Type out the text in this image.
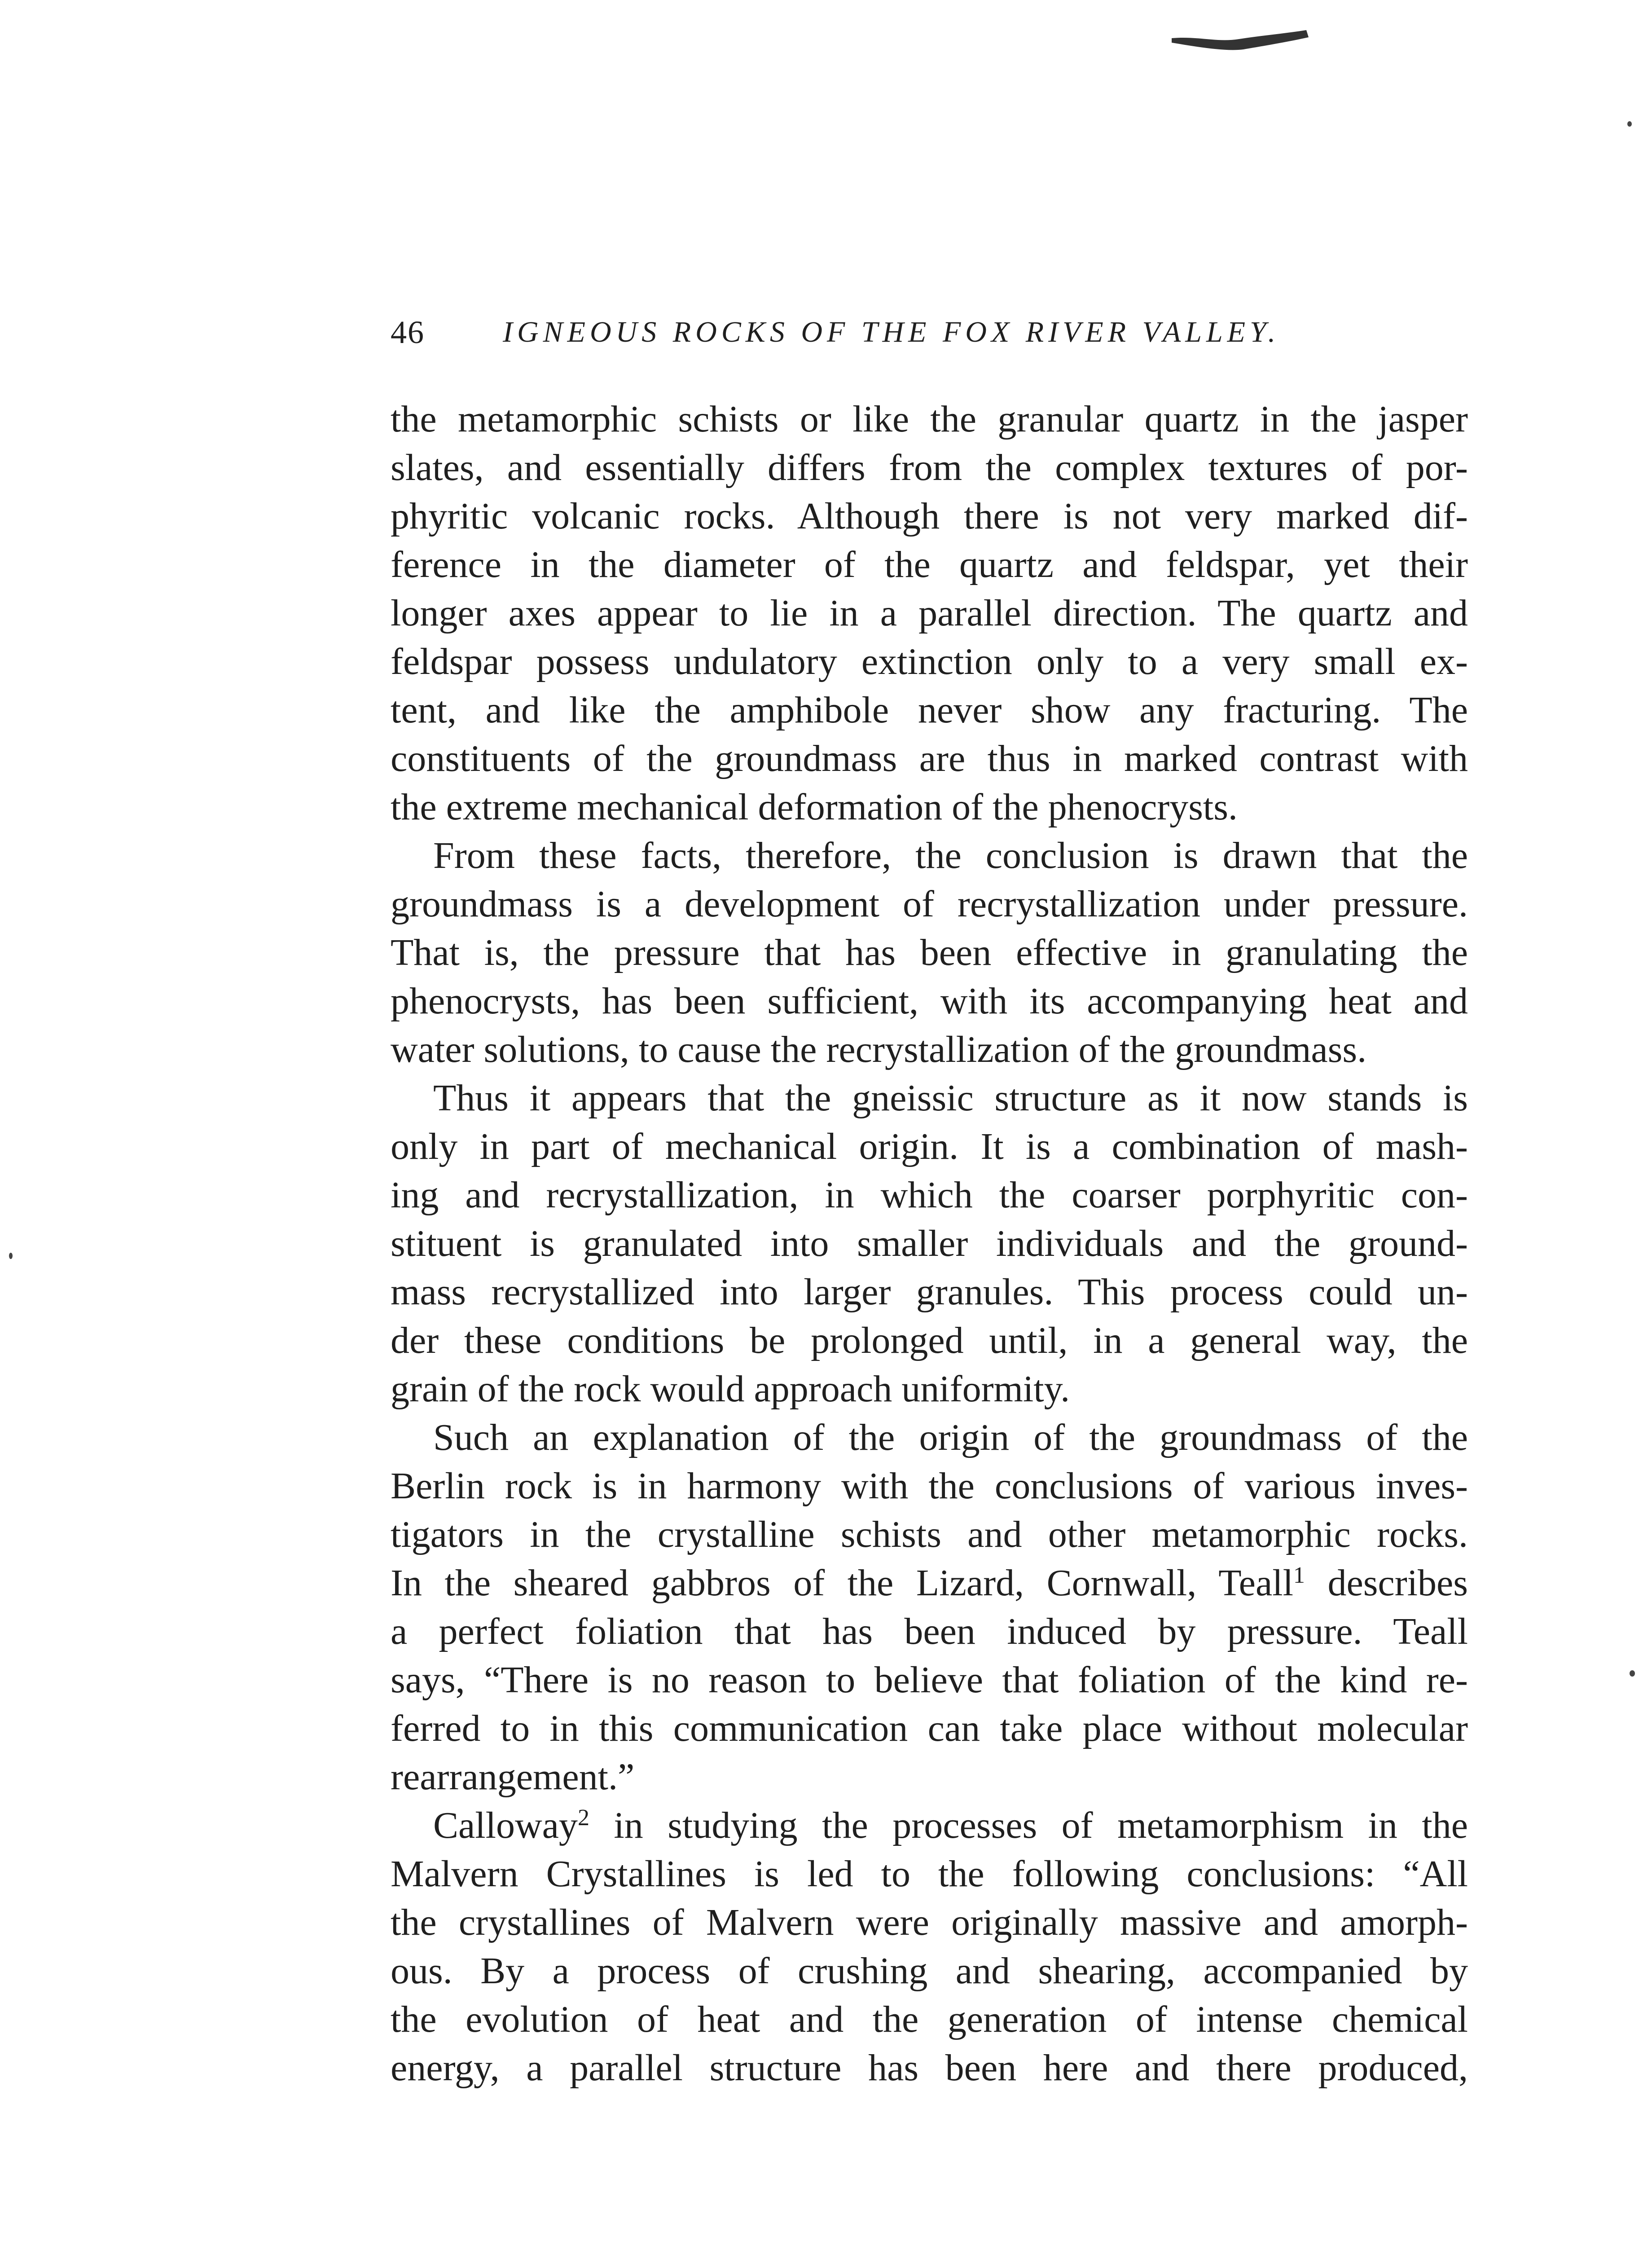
46	IGNEOUS ROCKS OF THE FOX RIVER VALLEY.
the metamorphic schists or like the granular quartz in the jasper
slates, and essentially differs from the complex textures of por-
phyritic volcanic rocks. Although there is not very marked dif-
ference in the diameter of the quartz and feldspar, yet their
longer axes appear to lie in a parallel direction. The quartz and
feldspar possess undulatory extinction only to a very small ex-
tent, and like the amphibole never show any fracturing. The
constituents of the groundmass are thus in marked contrast with
the extreme mechanical deformation of the phenocrysts.
From these facts, therefore, the conclusion is drawn that the
groundmass is a development of recrystallization under pressure.
That is, the pressure that has been effective in granulating the
phenocrysts, has been sufficient, with its accompanying heat and
water solutions, to cause the recrystallization of the groundmass.
Thus it appears that the gneissic structure as it now stands is
only in part of mechanical origin. It is a combination of mash-
ing and recrystallization, in which the coarser porphyritic con-
stituent is granulated into smaller individuals and the ground-
mass recrystallized into larger granules. This process could un-
der these conditions be prolonged until, in a general way, the
grain of the rock would approach uniformity.
Such an explanation of the origin of the groundmass of the
Berlin rock is in harmony with the conclusions of various inves-
tigators in the crystalline schists and other metamorphic rocks.
In the sheared gabbros of the Lizard, Cornwall, Teall$^1$ describes
a perfect foliation that has been induced by pressure. Teall
says, “There is no reason to believe that foliation of the kind re-
ferred to in this communication can take place without molecular
rearrangement.”
Calloway$^2$ in studying the processes of metamorphism in the
Malvern Crystallines is led to the following conclusions: “All
the crystallines of Malvern were originally massive and amorph-
ous. By a process of crushing and shearing, accompanied by
the evolution of heat and the generation of intense chemical
energy, a parallel structure has been here and there produced,
